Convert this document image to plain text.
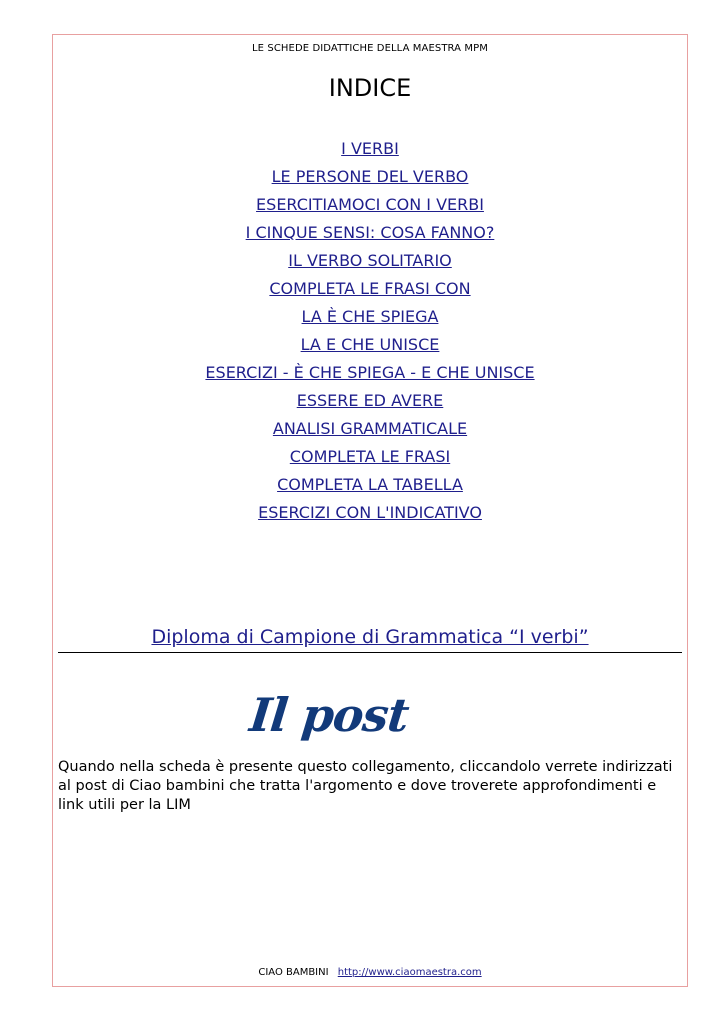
LE SCHEDE DIDATTICHE DELLA MAESTRA MPM
INDICE
I VERBI
LE PERSONE DEL VERBO
ESERCITIAMOCI CON I VERBI
I CINQUE SENSI: COSA FANNO?
IL VERBO SOLITARIO
COMPLETA LE FRASI CON
LA È CHE SPIEGA
LA E CHE UNISCE
ESERCIZI - È CHE SPIEGA - E CHE UNISCE
ESSERE ED AVERE
ANALISI GRAMMATICALE
COMPLETA LE FRASI
COMPLETA LA TABELLA
ESERCIZI CON L'INDICATIVO
Diploma di Campione di Grammatica “I verbi”
Il post
Quando nella scheda è presente questo collegamento, cliccandolo verrete indirizzati al post di Ciao bambini che tratta l'argomento e dove troverete approfondimenti e link utili per la LIM
CIAO BAMBINI http://www.ciaomaestra.com
